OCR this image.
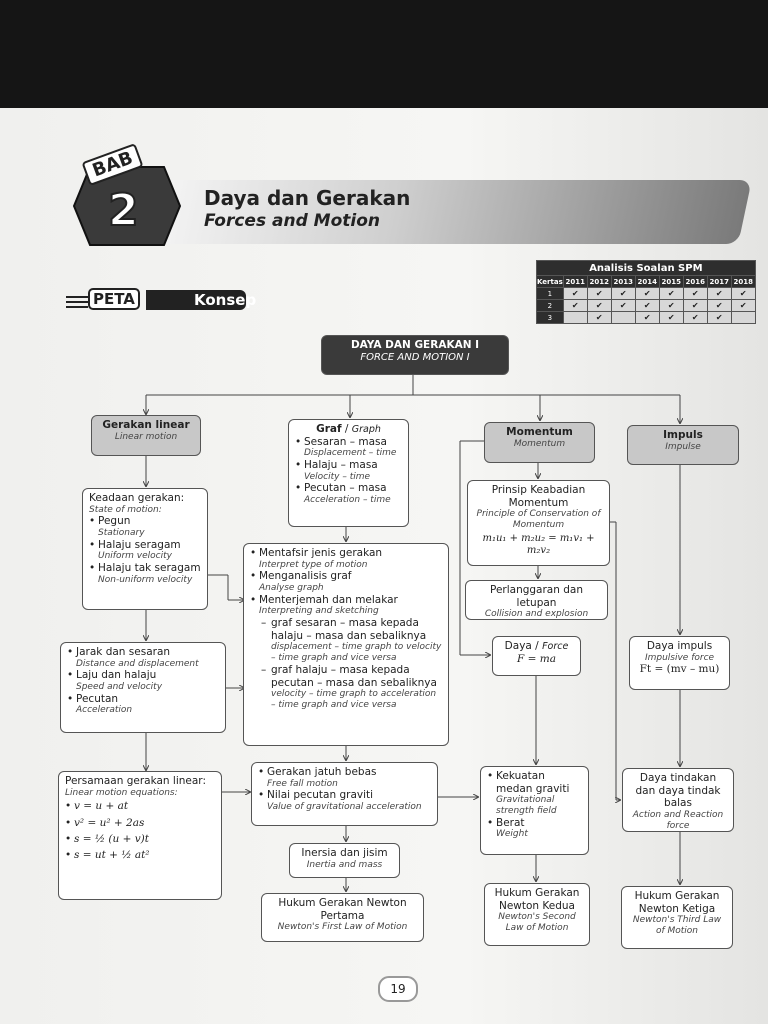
BAB
2	Daya dan Gerakan
Forces and Motion
Konsep
PETA
Analisis Soalan SPM								
Kertas	2011	2012	2013	2014	2015	2016	2017	2018
1	✔	✔	✔	✔	✔	✔	✔	✔
2	✔	✔	✔	✔	✔	✔	✔	✔
3		✔		✔	✔	✔	✔	
DAYA DAN GERAKAN I
FORCE AND MOTION I
Gerakan linear
Linear motion
Keadaan gerakan:
State of motion:
• Pegun
Stationary
• Halaju seragam
Uniform velocity
• Halaju tak seragam
Non-uniform velocity
• Jarak dan sesaran
Distance and displacement
• Laju dan halaju
Speed and velocity
• Pecutan
Acceleration
Persamaan gerakan linear:
Linear motion equations:
• v = u + at
• v² = u² + 2as
• s = ½ (u + v)t
• s = ut + ½ at²
Graf / Graph
• Sesaran – masa
Displacement – time
• Halaju – masa
Velocity – time
• Pecutan – masa
Acceleration – time
• Mentafsir jenis gerakan
Interpret type of motion
• Menganalisis graf
Analyse graph
• Menterjemah dan melakar
Interpreting and sketching
– graf sesaran – masa kepada halaju – masa dan sebaliknya
displacement – time graph to velocity – time graph and vice versa
– graf halaju – masa kepada pecutan – masa dan sebaliknya
velocity – time graph to acceleration – time graph and vice versa
• Gerakan jatuh bebas
Free fall motion
• Nilai pecutan graviti
Value of gravitational acceleration
Inersia dan jisim
Inertia and mass
Hukum Gerakan Newton Pertama
Newton's First Law of Motion
Momentum
Momentum
Prinsip Keabadian Momentum
Principle of Conservation of Momentum
m₁u₁ + m₂u₂ = m₁v₁ + m₂v₂
Perlanggaran dan letupan
Collision and explosion
Daya / Force
F = ma
• Kekuatan medan graviti
Gravitational strength field
• Berat
Weight
Hukum Gerakan Newton Kedua
Newton's Second Law of Motion
Impuls
Impulse
Daya impuls
Impulsive force
Ft = (mv – mu)
Daya tindakan dan daya tindak balas
Action and Reaction force
Hukum Gerakan Newton Ketiga
Newton's Third Law of Motion
19
